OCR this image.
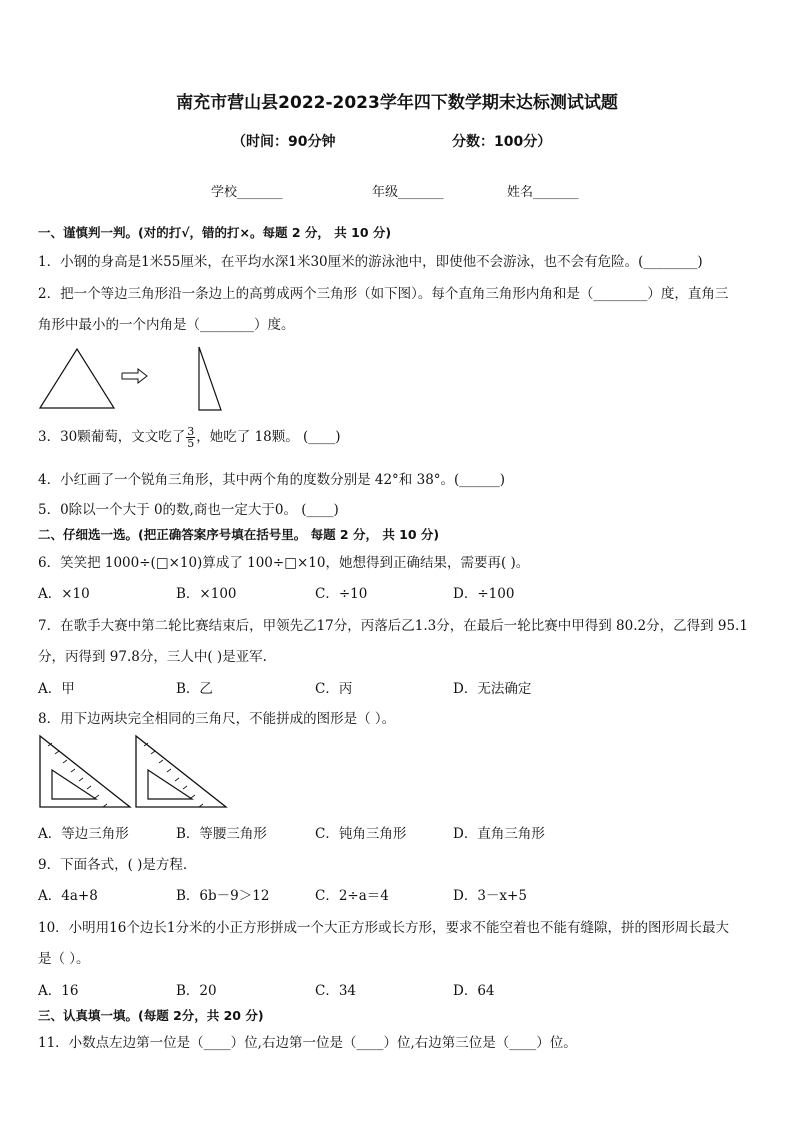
南充市营山县2022-2023学年四下数学期末达标测试试题
（时间：90分钟	分数：100分）
学校_______	年级_______	姓名_______
一、谨慎判一判。(对的打√，错的打×。每题 2 分， 共 10 分)
1．小钢的身高是1米55厘米，在平均水深1米30厘米的游泳池中，即使他不会游泳，也不会有危险。(________)
2．把一个等边三角形沿一条边上的高剪成两个三角形（如下图）。每个直角三角形内角和是（________）度，直角三
角形中最小的一个内角是（________）度。
3．30颗葡萄，文文吃了 $\frac{3}{5}$ ，她吃了 18颗。 (____)
4．小红画了一个锐角三角形，其中两个角的度数分别是 42°和 38°。(______)
5．0除以一个大于 0的数,商也一定大于0。 (____)
二、仔细选一选。(把正确答案序号填在括号里。 每题 2 分， 共 10 分)
6．笑笑把 1000÷(□×10)算成了 100÷□×10，她想得到正确结果，需要再( )。
A．×10	B．×100	C．÷10	D．÷100
7．在歌手大赛中第二轮比赛结束后，甲领先乙17分，丙落后乙1.3分，在最后一轮比赛中甲得到 80.2分，乙得到 95.1
分，丙得到 97.8分，三人中( )是亚军.
A．甲	B．乙	C．丙	D．无法确定
8．用下边两块完全相同的三角尺，不能拼成的图形是（ ）。
A．等边三角形	B．等腰三角形	C．钝角三角形	D．直角三角形
9．下面各式，( )是方程．
A．4a+8	B．6b－9＞12	C．2÷a＝4	D．3－x+5
10．小明用16个边长1分米的小正方形拼成一个大正方形或长方形，要求不能空着也不能有缝隙，拼的图形周长最大
是（ ）。
A．16	B．20	C．34	D．64
三、认真填一填。(每题 2分，共 20 分)
11．小数点左边第一位是（____）位,右边第一位是（____）位,右边第三位是（____）位。
